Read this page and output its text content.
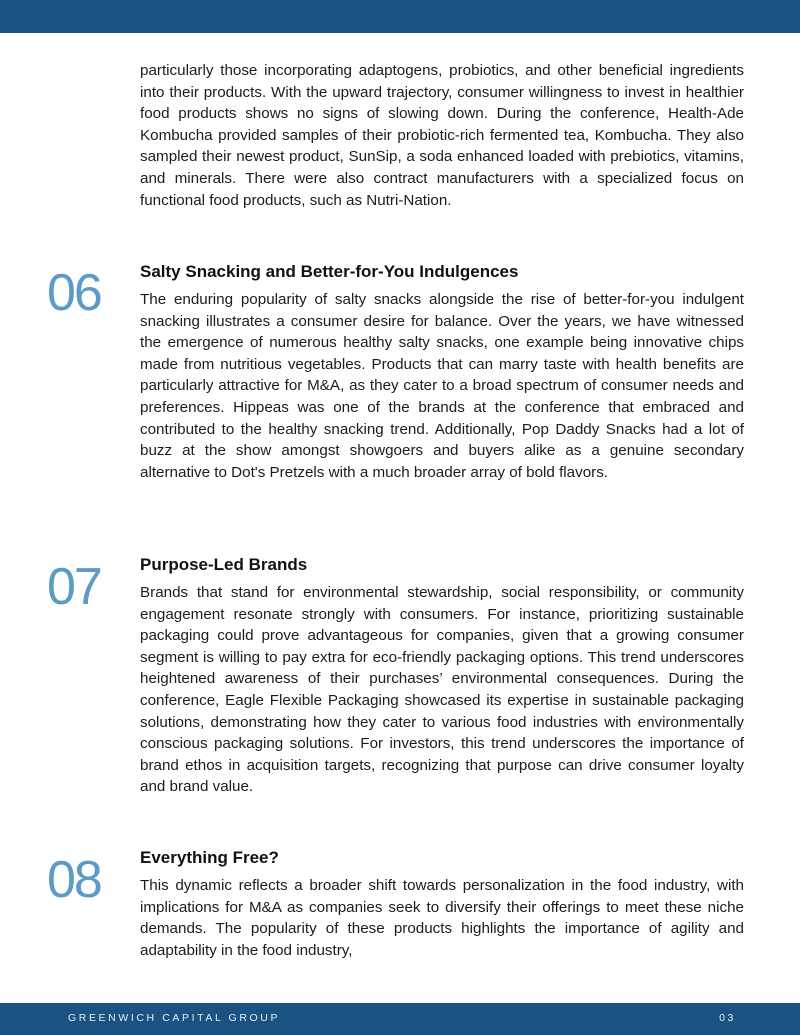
particularly those incorporating adaptogens, probiotics, and other beneficial ingredients into their products. With the upward trajectory, consumer willingness to invest in healthier food products shows no signs of slowing down. During the conference, Health-Ade Kombucha provided samples of their probiotic-rich fermented tea, Kombucha. They also sampled their newest product, SunSip, a soda enhanced loaded with prebiotics, vitamins, and minerals. There were also contract manufacturers with a specialized focus on functional food products, such as Nutri-Nation.

06 Salty Snacking and Better-for-You Indulgences

The enduring popularity of salty snacks alongside the rise of better-for-you indulgent snacking illustrates a consumer desire for balance. Over the years, we have witnessed the emergence of numerous healthy salty snacks, one example being innovative chips made from nutritious vegetables. Products that can marry taste with health benefits are particularly attractive for M&A, as they cater to a broad spectrum of consumer needs and preferences. Hippeas was one of the brands at the conference that embraced and contributed to the healthy snacking trend. Additionally, Pop Daddy Snacks had a lot of buzz at the show amongst showgoers and buyers alike as a genuine secondary alternative to Dot's Pretzels with a much broader array of bold flavors.

07 Purpose-Led Brands

Brands that stand for environmental stewardship, social responsibility, or community engagement resonate strongly with consumers. For instance, prioritizing sustainable packaging could prove advantageous for companies, given that a growing consumer segment is willing to pay extra for eco-friendly packaging options. This trend underscores heightened awareness of their purchases’ environmental consequences. During the conference, Eagle Flexible Packaging showcased its expertise in sustainable packaging solutions, demonstrating how they cater to various food industries with environmentally conscious packaging solutions. For investors, this trend underscores the importance of brand ethos in acquisition targets, recognizing that purpose can drive consumer loyalty and brand value.

08 Everything Free?

This dynamic reflects a broader shift towards personalization in the food industry, with implications for M&A as companies seek to diversify their offerings to meet these niche demands. The popularity of these products highlights the importance of agility and adaptability in the food industry,

GREENWICH CAPITAL GROUP	03
